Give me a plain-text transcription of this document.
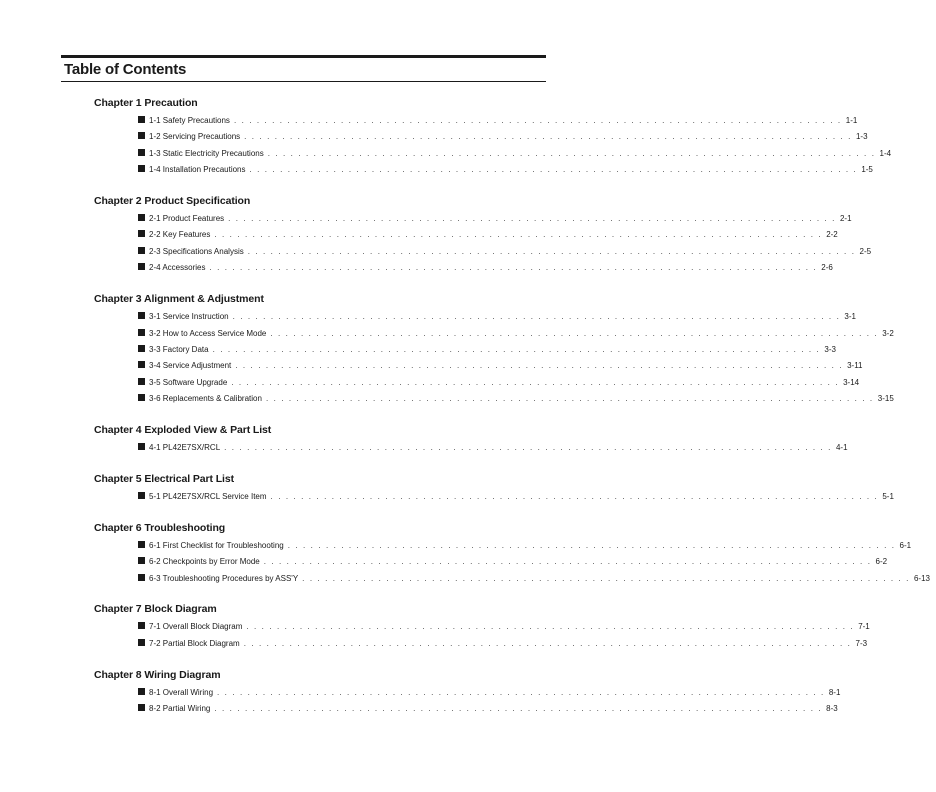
Table of Contents
Chapter 1 Precaution
1-1 Safety Precautions . . . . . . . . . . . . . . . . . . . . . . . . . . . . . . . . . . . . . . . . . . . . . . . . . . . . . . . . . . . . . . . . . . . . . . . . . . . . . . . . 1-1
1-2 Servicing Precautions . . . . . . . . . . . . . . . . . . . . . . . . . . . . . . . . . . . . . . . . . . . . . . . . . . . . . . . . . . . . . . . . . . . . . . . . . . . . . . . . 1-3
1-3 Static Electricity Precautions . . . . . . . . . . . . . . . . . . . . . . . . . . . . . . . . . . . . . . . . . . . . . . . . . . . . . . . . . . . . . . . . . . . . . . . . . . . . . . . . 1-4
1-4 Installation Precautions . . . . . . . . . . . . . . . . . . . . . . . . . . . . . . . . . . . . . . . . . . . . . . . . . . . . . . . . . . . . . . . . . . . . . . . . . . . . . . . . 1-5
Chapter 2 Product Specification
2-1 Product Features . . . . . . . . . . . . . . . . . . . . . . . . . . . . . . . . . . . . . . . . . . . . . . . . . . . . . . . . . . . . . . . . . . . . . . . . . . . . . . . . 2-1
2-2 Key Features . . . . . . . . . . . . . . . . . . . . . . . . . . . . . . . . . . . . . . . . . . . . . . . . . . . . . . . . . . . . . . . . . . . . . . . . . . . . . . . . 2-2
2-3 Specifications Analysis . . . . . . . . . . . . . . . . . . . . . . . . . . . . . . . . . . . . . . . . . . . . . . . . . . . . . . . . . . . . . . . . . . . . . . . . . . . . . . . . 2-5
2-4 Accessories . . . . . . . . . . . . . . . . . . . . . . . . . . . . . . . . . . . . . . . . . . . . . . . . . . . . . . . . . . . . . . . . . . . . . . . . . . . . . . . . 2-6
Chapter 3 Alignment & Adjustment
3-1 Service Instruction . . . . . . . . . . . . . . . . . . . . . . . . . . . . . . . . . . . . . . . . . . . . . . . . . . . . . . . . . . . . . . . . . . . . . . . . . . . . . . . . 3-1
3-2 How to Access Service Mode . . . . . . . . . . . . . . . . . . . . . . . . . . . . . . . . . . . . . . . . . . . . . . . . . . . . . . . . . . . . . . . . . . . . . . . . . . . . . . . . 3-2
3-3 Factory Data . . . . . . . . . . . . . . . . . . . . . . . . . . . . . . . . . . . . . . . . . . . . . . . . . . . . . . . . . . . . . . . . . . . . . . . . . . . . . . . . 3-3
3-4 Service Adjustment . . . . . . . . . . . . . . . . . . . . . . . . . . . . . . . . . . . . . . . . . . . . . . . . . . . . . . . . . . . . . . . . . . . . . . . . . . . . . . . . 3-11
3-5 Software Upgrade . . . . . . . . . . . . . . . . . . . . . . . . . . . . . . . . . . . . . . . . . . . . . . . . . . . . . . . . . . . . . . . . . . . . . . . . . . . . . . . . 3-14
3-6 Replacements & Calibration . . . . . . . . . . . . . . . . . . . . . . . . . . . . . . . . . . . . . . . . . . . . . . . . . . . . . . . . . . . . . . . . . . . . . . . . . . . . . . . . 3-15
Chapter 4 Exploded View & Part List
4-1 PL42E7SX/RCL . . . . . . . . . . . . . . . . . . . . . . . . . . . . . . . . . . . . . . . . . . . . . . . . . . . . . . . . . . . . . . . . . . . . . . . . . . . . . . . . 4-1
Chapter 5 Electrical Part List
5-1 PL42E7SX/RCL Service Item . . . . . . . . . . . . . . . . . . . . . . . . . . . . . . . . . . . . . . . . . . . . . . . . . . . . . . . . . . . . . . . . . . . . . . . . . . . . . . . . 5-1
Chapter 6 Troubleshooting
6-1 First Checklist for Troubleshooting . . . . . . . . . . . . . . . . . . . . . . . . . . . . . . . . . . . . . . . . . . . . . . . . . . . . . . . . . . . . . . . . . . . . . . . . . . . . . . . . 6-1
6-2 Checkpoints by Error Mode . . . . . . . . . . . . . . . . . . . . . . . . . . . . . . . . . . . . . . . . . . . . . . . . . . . . . . . . . . . . . . . . . . . . . . . . . . . . . . . . 6-2
6-3 Troubleshooting Procedures by ASS'Y . . . . . . . . . . . . . . . . . . . . . . . . . . . . . . . . . . . . . . . . . . . . . . . . . . . . . . . . . . . . . . . . . . . . . . . . . . . . . . . . 6-13
Chapter 7 Block Diagram
7-1 Overall Block Diagram . . . . . . . . . . . . . . . . . . . . . . . . . . . . . . . . . . . . . . . . . . . . . . . . . . . . . . . . . . . . . . . . . . . . . . . . . . . . . . . . 7-1
7-2 Partial Block Diagram . . . . . . . . . . . . . . . . . . . . . . . . . . . . . . . . . . . . . . . . . . . . . . . . . . . . . . . . . . . . . . . . . . . . . . . . . . . . . . . . 7-3
Chapter 8 Wiring Diagram
8-1 Overall Wiring . . . . . . . . . . . . . . . . . . . . . . . . . . . . . . . . . . . . . . . . . . . . . . . . . . . . . . . . . . . . . . . . . . . . . . . . . . . . . . . . 8-1
8-2 Partial Wiring . . . . . . . . . . . . . . . . . . . . . . . . . . . . . . . . . . . . . . . . . . . . . . . . . . . . . . . . . . . . . . . . . . . . . . . . . . . . . . . . 8-3
